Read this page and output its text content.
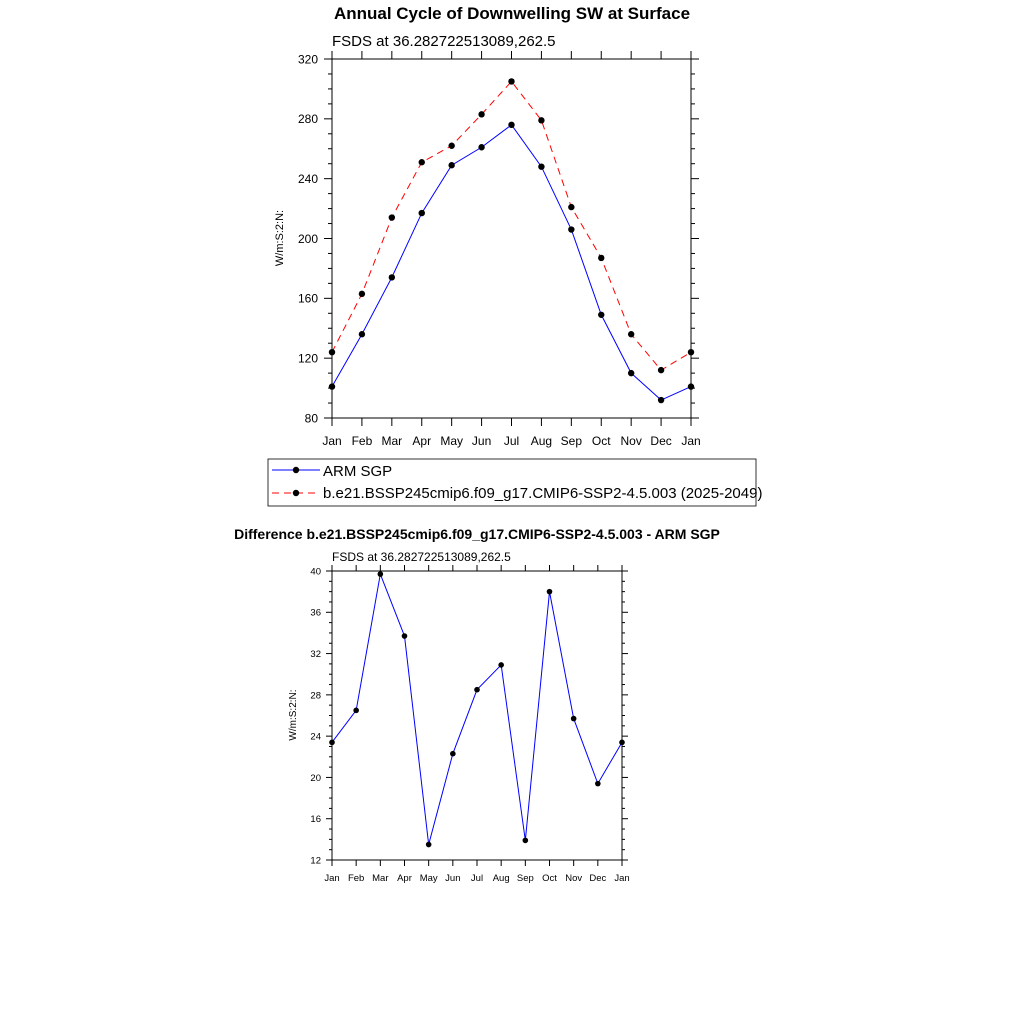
Annual Cycle of Downwelling SW at Surface
FSDS at 36.282722513089,262.5
W/m:S:2:N:
80
120
160
200
240
280
320
Jan Feb Mar Apr May Jun Jul Aug Sep Oct Nov Dec Jan
ARM SGP
b.e21.BSSP245cmip6.f09_g17.CMIP6-SSP2-4.5.003 (2025-2049)
Difference b.e21.BSSP245cmip6.f09_g17.CMIP6-SSP2-4.5.003 - ARM SGP
FSDS at 36.282722513089,262.5
W/m:S:2:N:
12
16
20
24
28
32
36
40
Jan Feb Mar Apr May Jun Jul Aug Sep Oct Nov Dec Jan
